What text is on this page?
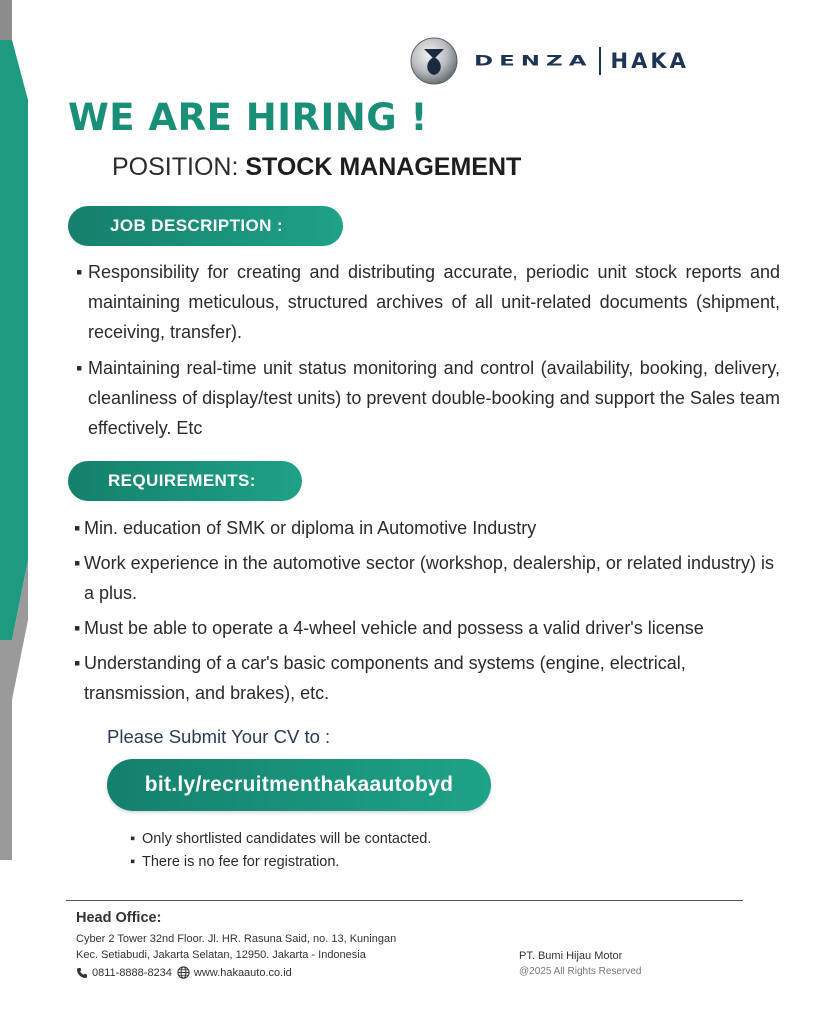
DENZA HAKA
WE ARE HIRING !
POSITION: STOCK MANAGEMENT
JOB DESCRIPTION :
▪ Responsibility for creating and distributing accurate, periodic unit stock reports and maintaining meticulous, structured archives of all unit-related documents (shipment, receiving, transfer).
▪ Maintaining real-time unit status monitoring and control (availability, booking, delivery, cleanliness of display/test units) to prevent double-booking and support the Sales team effectively. Etc
REQUIREMENTS:
▪ Min. education of SMK or diploma in Automotive Industry
▪ Work experience in the automotive sector (workshop, dealership, or related industry) is a plus.
▪ Must be able to operate a 4-wheel vehicle and possess a valid driver's license
▪ Understanding of a car's basic components and systems (engine, electrical, transmission, and brakes), etc.
Please Submit Your CV to :
bit.ly/recruitmenthakaautobyd
▪ Only shortlisted candidates will be contacted.
▪ There is no fee for registration.
Head Office:
Cyber 2 Tower 32nd Floor. Jl. HR. Rasuna Said, no. 13, Kuningan
Kec. Setiabudi, Jakarta Selatan, 12950. Jakarta - Indonesia
0811-8888-8234 www.hakaauto.co.id
PT. Bumi Hijau Motor
@2025 All Rights Reserved
